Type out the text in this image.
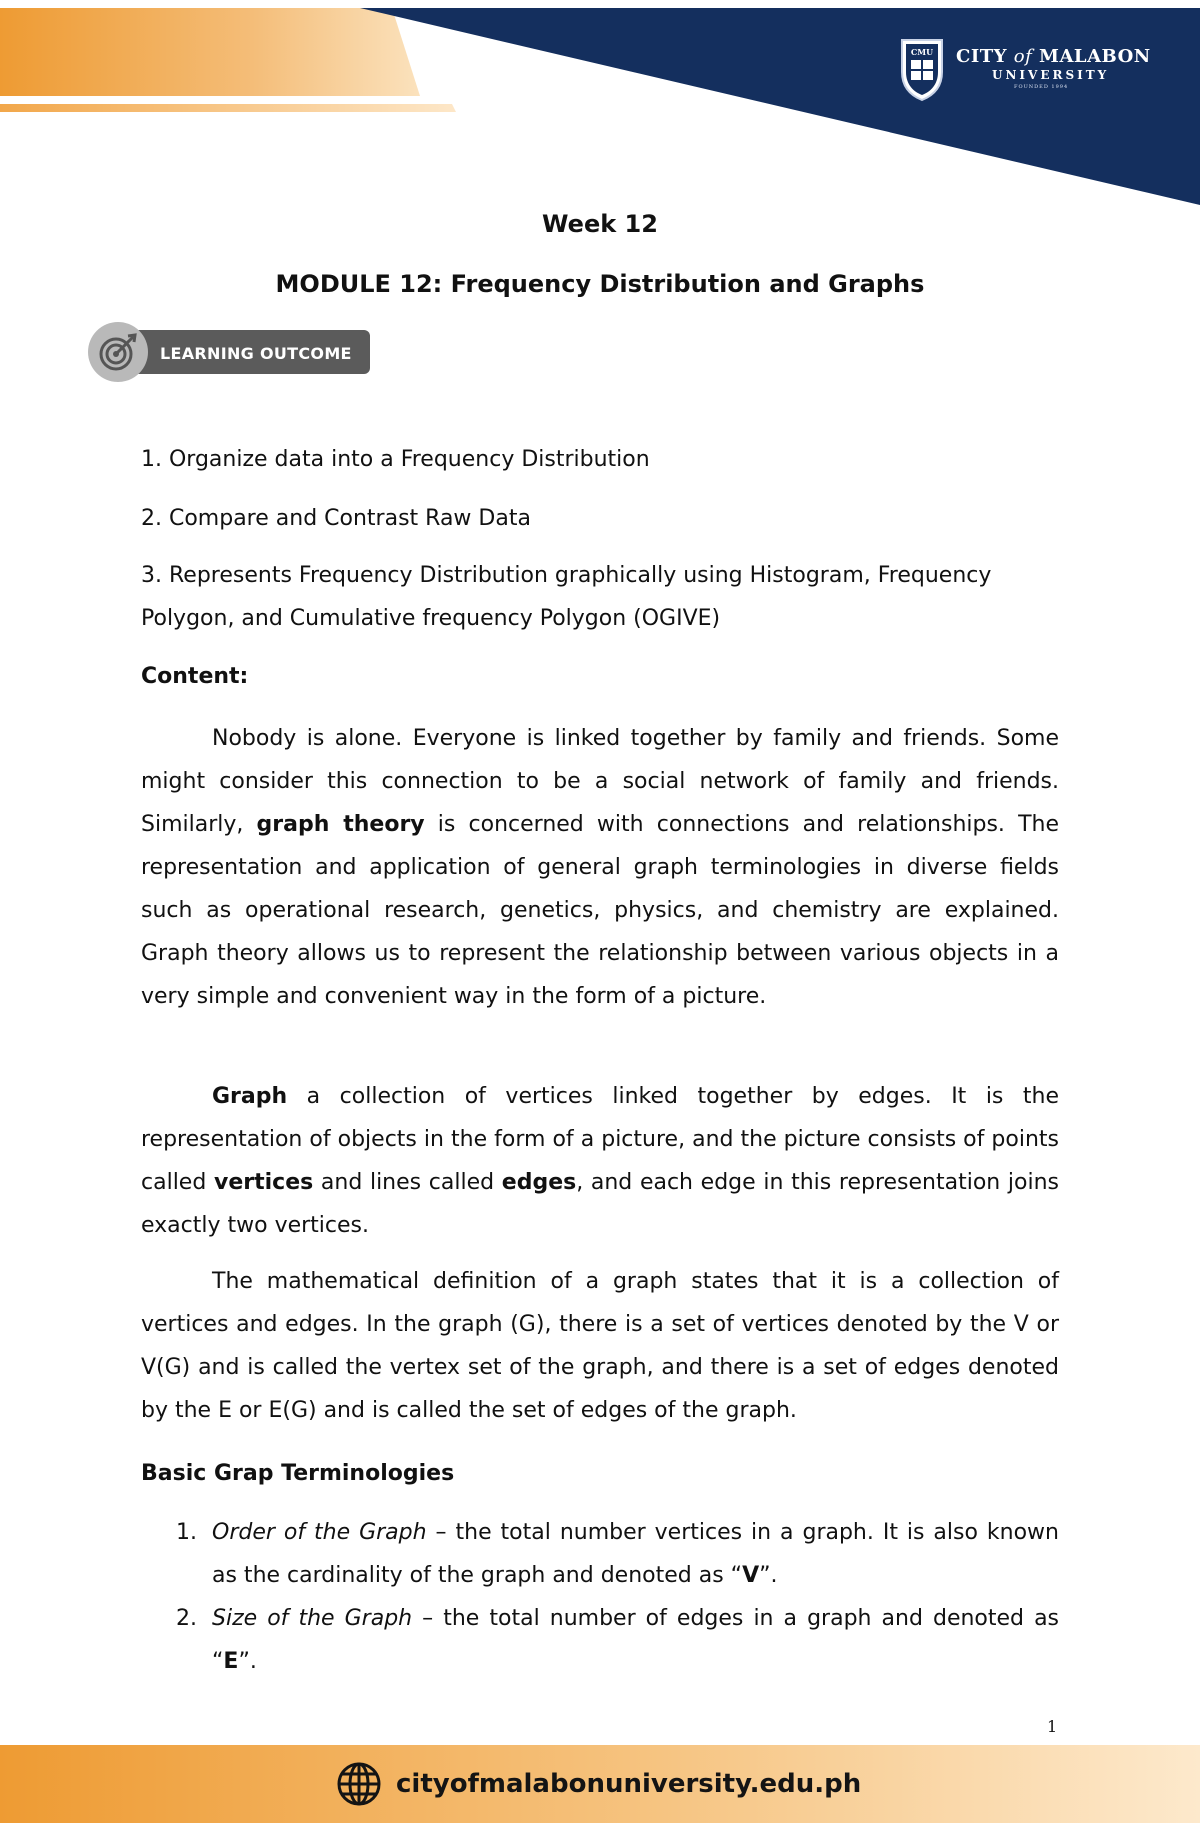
CMU CITY of MALABON
UNIVERSITY
FOUNDED 1994
Week 12
MODULE 12: Frequency Distribution and Graphs
LEARNING OUTCOME
1. Organize data into a Frequency Distribution
2. Compare and Contrast Raw Data
3. Represents Frequency Distribution graphically using Histogram, Frequency Polygon, and Cumulative frequency Polygon (OGIVE)
Content:
Nobody is alone. Everyone is linked together by family and friends. Some might consider this connection to be a social network of family and friends. Similarly, graph theory is concerned with connections and relationships. The representation and application of general graph terminologies in diverse fields such as operational research, genetics, physics, and chemistry are explained. Graph theory allows us to represent the relationship between various objects in a very simple and convenient way in the form of a picture.
Graph a collection of vertices linked together by edges. It is the representation of objects in the form of a picture, and the picture consists of points called vertices and lines called edges, and each edge in this representation joins exactly two vertices.
The mathematical definition of a graph states that it is a collection of vertices and edges. In the graph (G), there is a set of vertices denoted by the V or V(G) and is called the vertex set of the graph, and there is a set of edges denoted by the E or E(G) and is called the set of edges of the graph.
Basic Grap Terminologies
1. Order of the Graph – the total number vertices in a graph. It is also known as the cardinality of the graph and denoted as “V”.
2. Size of the Graph – the total number of edges in a graph and denoted as “E”.
1
cityofmalabonuniversity.edu.ph
